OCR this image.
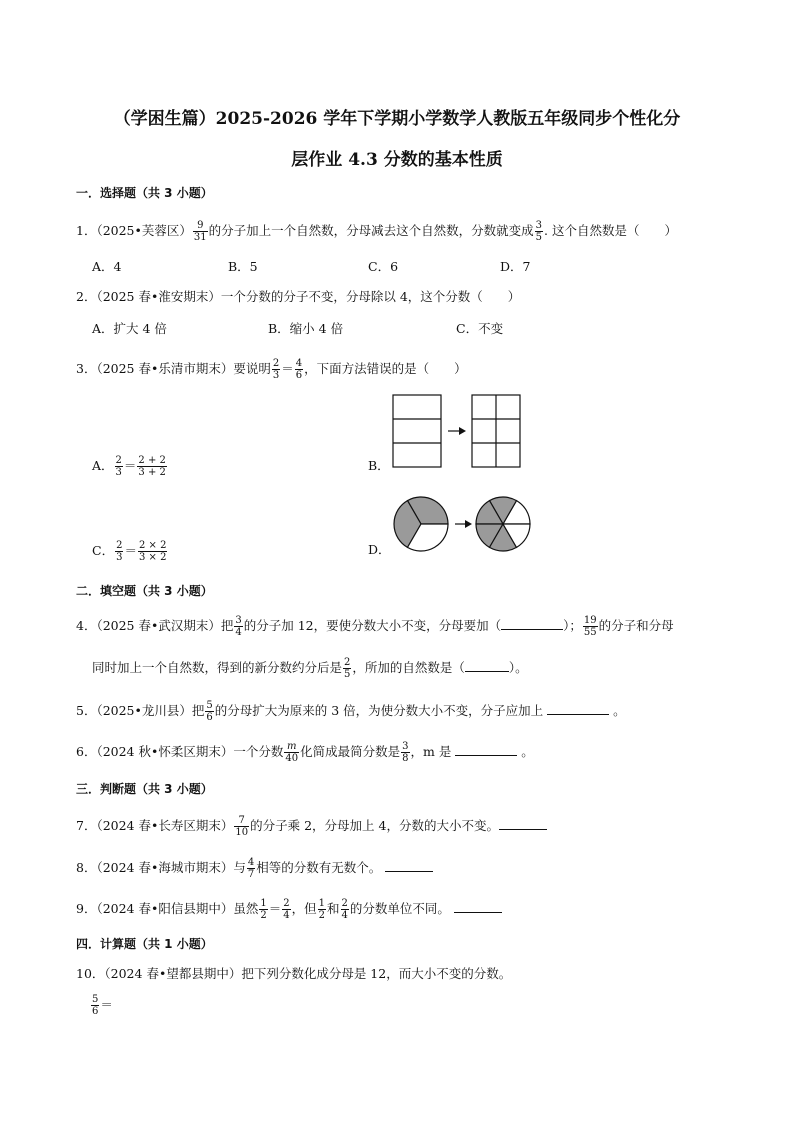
（学困生篇）2025-2026 学年下学期小学数学人教版五年级同步个性化分
层作业 4.3 分数的基本性质
一．选择题（共 3 小题）
1．（2025•芙蓉区） $\frac{9}{31}$ 的分子加上一个自然数，分母减去这个自然数，分数就变成 $\frac{3}{5}$ . 这个自然数是（　　）
A．4	B．5	C．6	D．7
2．（2025 春•淮安期末）一个分数的分子不变，分母除以 4，这个分数（　　）
A．扩大 4 倍	B．缩小 4 倍	C．不变
3．（2025 春•乐清市期末）要说明 $\frac{2}{3} = \frac{4}{6}$ ，下面方法错误的是（　　）
A． $\frac{2}{3} = \frac{2 + 2}{3 + 2}$	B．
C． $\frac{2}{3} = \frac{2 \times 2}{3 \times 2}$	D．
二．填空题（共 3 小题）
4．（2025 春•武汉期末）把 $\frac{3}{4}$ 的分子加 12，要使分数大小不变，分母要加（	）； $\frac{19}{55}$ 的分子和分母
同时加上一个自然数，得到的新分数约分后是 $\frac{2}{5}$ ，所加的自然数是（	）。
5．（2025•龙川县）把 $\frac{5}{6}$ 的分母扩大为原来的 3 倍，为使分数大小不变，分子应加上	。
6．（2024 秋•怀柔区期末）一个分数 $\frac{m}{40}$ 化简成最简分数是 $\frac{3}{8}$ ，m 是	。
三．判断题（共 3 小题）
7．（2024 春•长寿区期末） $\frac{7}{10}$ 的分子乘 2，分母加上 4，分数的大小不变。
8．（2024 春•海城市期末）与 $\frac{4}{7}$ 相等的分数有无数个。
9．（2024 春•阳信县期中）虽然 $\frac{1}{2} = \frac{2}{4}$ ，但 $\frac{1}{2}$ 和 $\frac{2}{4}$ 的分数单位不同。
四．计算题（共 1 小题）
10．（2024 春•望都县期中）把下列分数化成分母是 12，而大小不变的分数。
$\frac{5}{6}$ ＝
